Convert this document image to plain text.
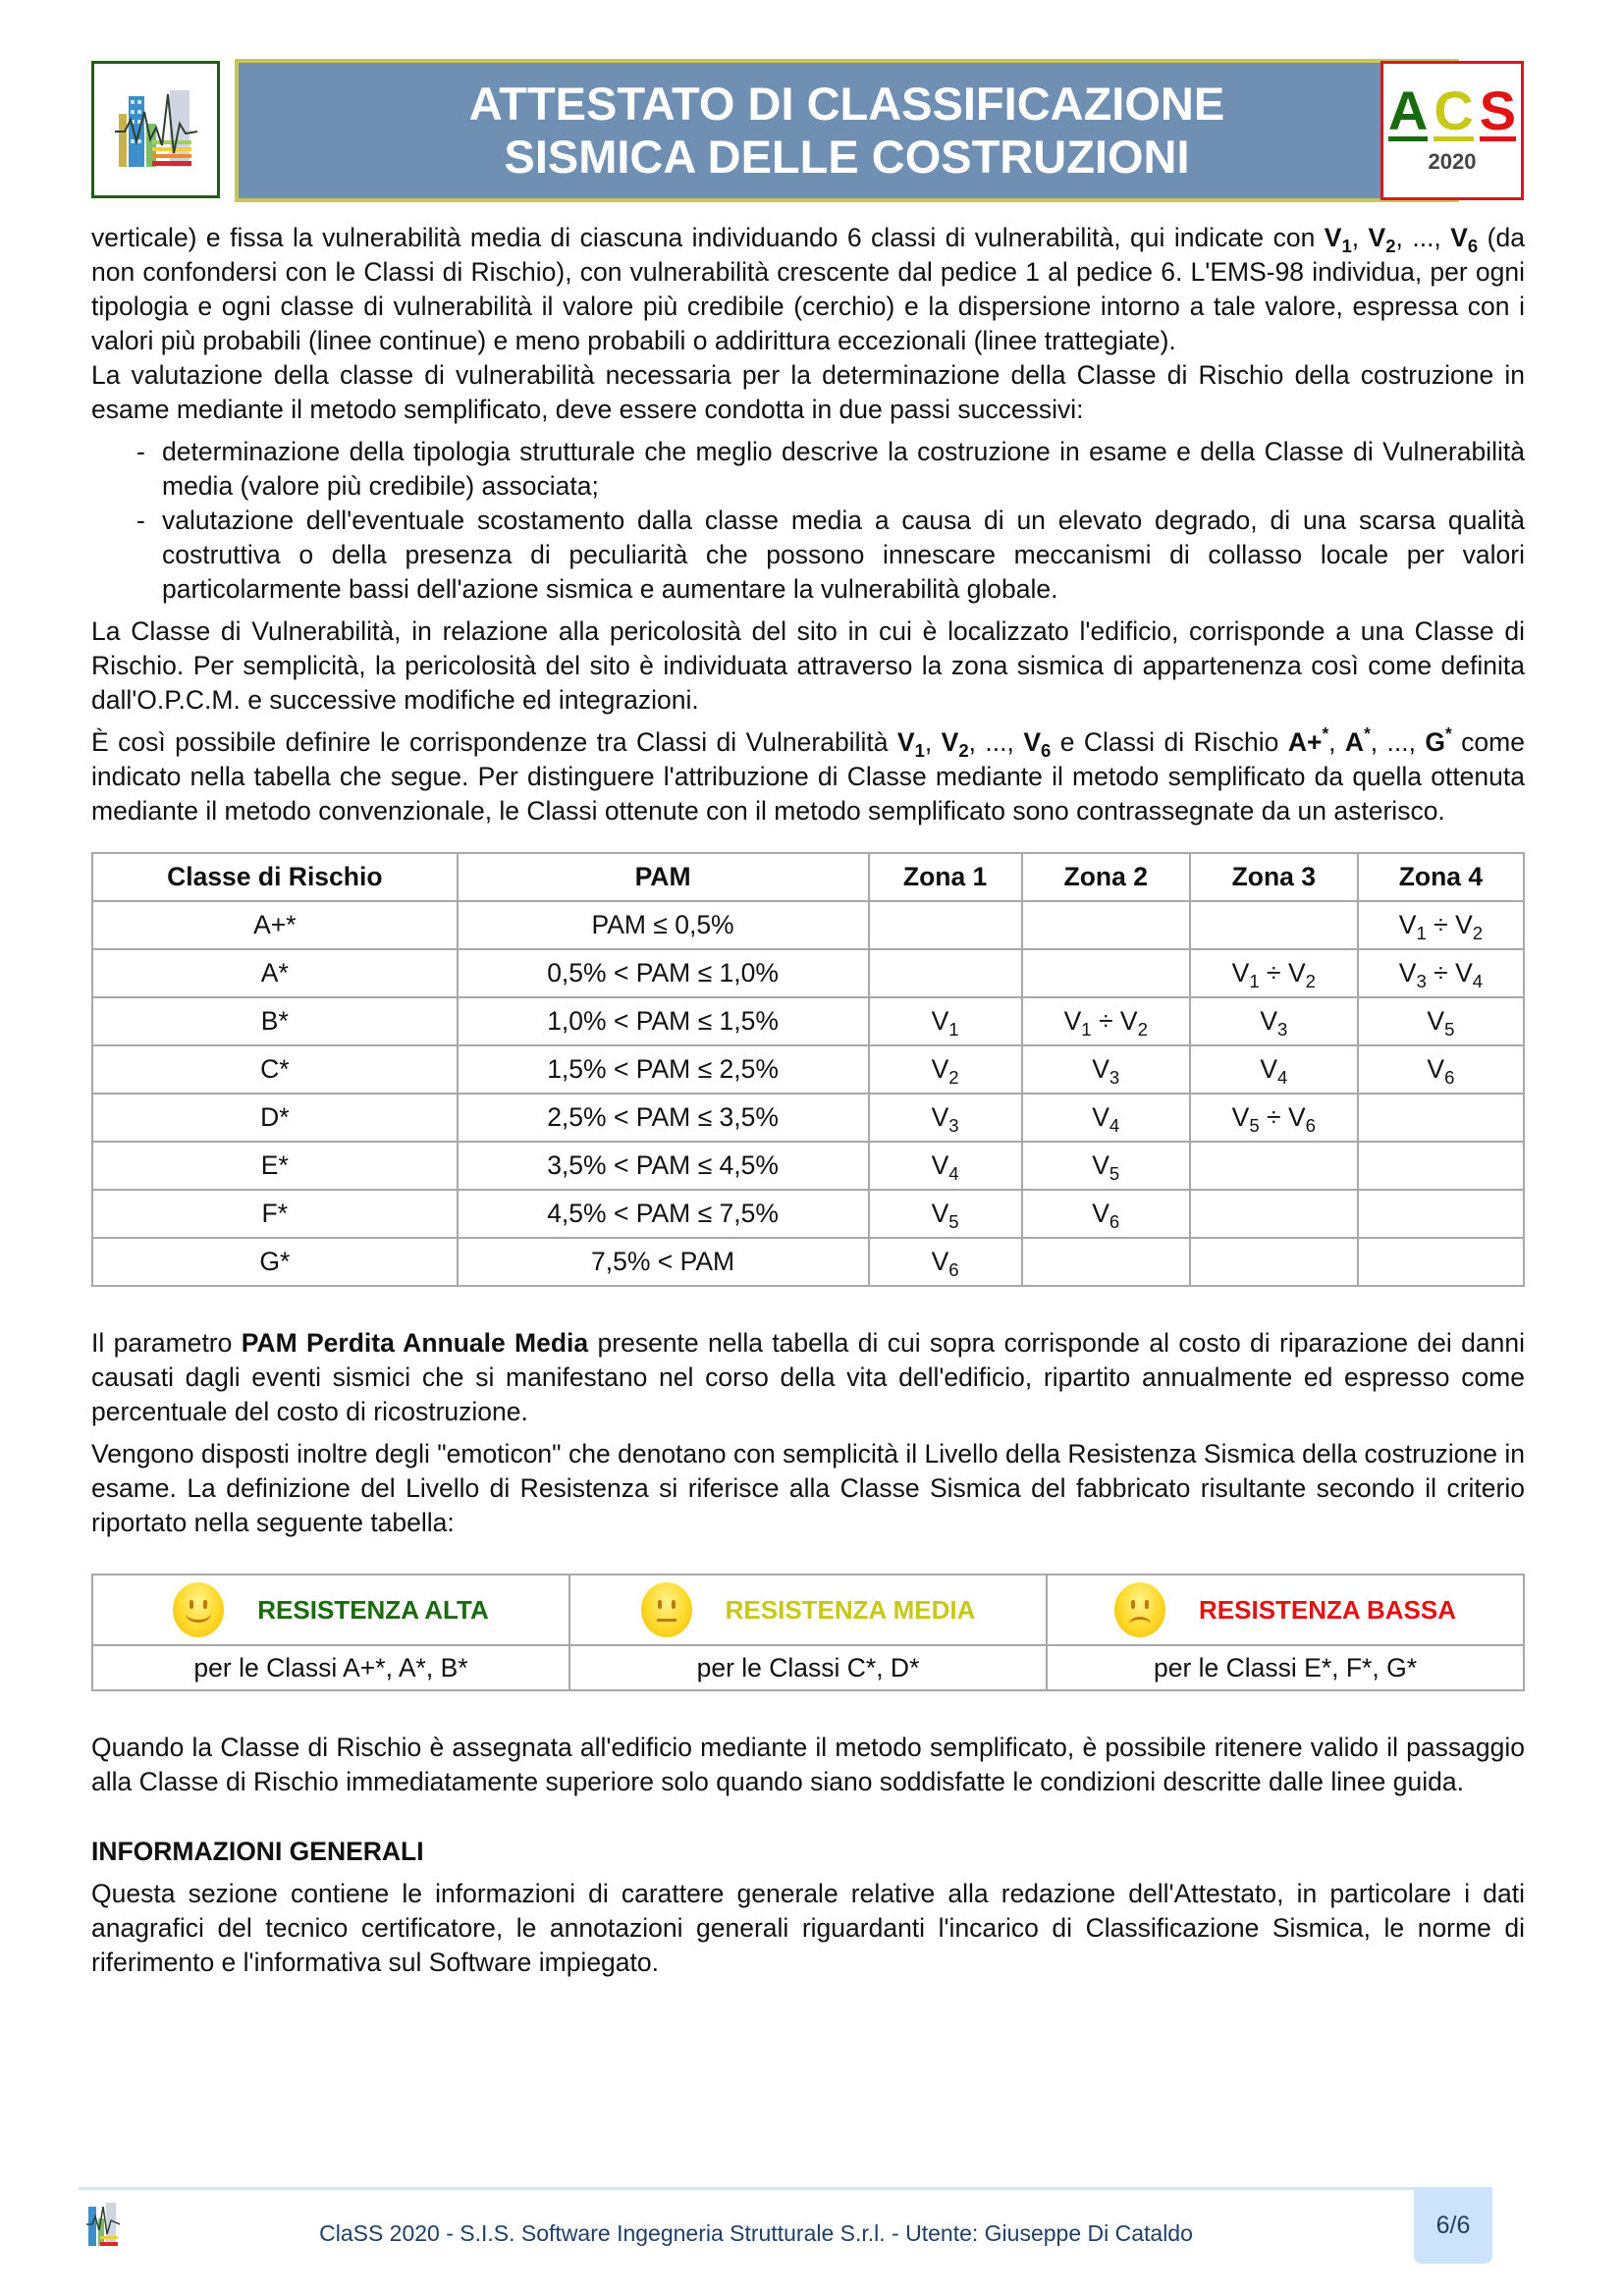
ATTESTATO DI CLASSIFICAZIONE
SISMICA DELLE COSTRUZIONI
A C S
2020

verticale) e fissa la vulnerabilità media di ciascuna individuando 6 classi di vulnerabilità, qui indicate con $V_1$, $V_2$, ..., $V_6$ (da non confondersi con le Classi di Rischio), con vulnerabilità crescente dal pedice 1 al pedice 6. L'EMS-98 individua, per ogni tipologia e ogni classe di vulnerabilità il valore più credibile (cerchio) e la dispersione intorno a tale valore, espressa con i valori più probabili (linee continue) e meno probabili o addirittura eccezionali (linee trattegiate).

La valutazione della classe di vulnerabilità necessaria per la determinazione della Classe di Rischio della costruzione in esame mediante il metodo semplificato, deve essere condotta in due passi successivi:

- determinazione della tipologia strutturale che meglio descrive la costruzione in esame e della Classe di Vulnerabilità media (valore più credibile) associata;
- valutazione dell'eventuale scostamento dalla classe media a causa di un elevato degrado, di una scarsa qualità costruttiva o della presenza di peculiarità che possono innescare meccanismi di collasso locale per valori particolarmente bassi dell'azione sismica e aumentare la vulnerabilità globale.

La Classe di Vulnerabilità, in relazione alla pericolosità del sito in cui è localizzato l'edificio, corrisponde a una Classe di Rischio. Per semplicità, la pericolosità del sito è individuata attraverso la zona sismica di appartenenza così come definita dall'O.P.C.M. e successive modifiche ed integrazioni.

È così possibile definire le corrispondenze tra Classi di Vulnerabilità $V_1$, $V_2$, ..., $V_6$ e Classi di Rischio A+*, A*, ..., G* come indicato nella tabella che segue. Per distinguere l'attribuzione di Classe mediante il metodo semplificato da quella ottenuta mediante il metodo convenzionale, le Classi ottenute con il metodo semplificato sono contrassegnate da un asterisco.

Classe di Rischio	PAM	Zona 1	Zona 2	Zona 3	Zona 4
A+*	PAM ≤ 0,5%				$V_1 \div V_2$
A*	0,5% < PAM ≤ 1,0%			$V_1 \div V_2$	$V_3 \div V_4$
B*	1,0% < PAM ≤ 1,5%	$V_1$	$V_1 \div V_2$	$V_3$	$V_5$
C*	1,5% < PAM ≤ 2,5%	$V_2$	$V_3$	$V_4$	$V_6$
D*	2,5% < PAM ≤ 3,5%	$V_3$	$V_4$	$V_5 \div V_6$	
E*	3,5% < PAM ≤ 4,5%	$V_4$	$V_5$		
F*	4,5% < PAM ≤ 7,5%	$V_5$	$V_6$		
G*	7,5% < PAM	$V_6$			

Il parametro PAM Perdita Annuale Media presente nella tabella di cui sopra corrisponde al costo di riparazione dei danni causati dagli eventi sismici che si manifestano nel corso della vita dell'edificio, ripartito annualmente ed espresso come percentuale del costo di ricostruzione.

Vengono disposti inoltre degli "emoticon" che denotano con semplicità il Livello della Resistenza Sismica della costruzione in esame. La definizione del Livello di Resistenza si riferisce alla Classe Sismica del fabbricato risultante secondo il criterio riportato nella seguente tabella:

RESISTENZA ALTA	RESISTENZA MEDIA	RESISTENZA BASSA

per le Classi A+*, A*, B*	per le Classi C*, D*	per le Classi E*, F*, G*

Quando la Classe di Rischio è assegnata all'edificio mediante il metodo semplificato, è possibile ritenere valido il passaggio alla Classe di Rischio immediatamente superiore solo quando siano soddisfatte le condizioni descritte dalle linee guida.

INFORMAZIONI GENERALI

Questa sezione contiene le informazioni di carattere generale relative alla redazione dell'Attestato, in particolare i dati anagrafici del tecnico certificatore, le annotazioni generali riguardanti l'incarico di Classificazione Sismica, le norme di riferimento e l'informativa sul Software impiegato.

ClaSS 2020 - S.I.S. Software Ingegneria Strutturale S.r.l. - Utente: Giuseppe Di Cataldo	6/6
